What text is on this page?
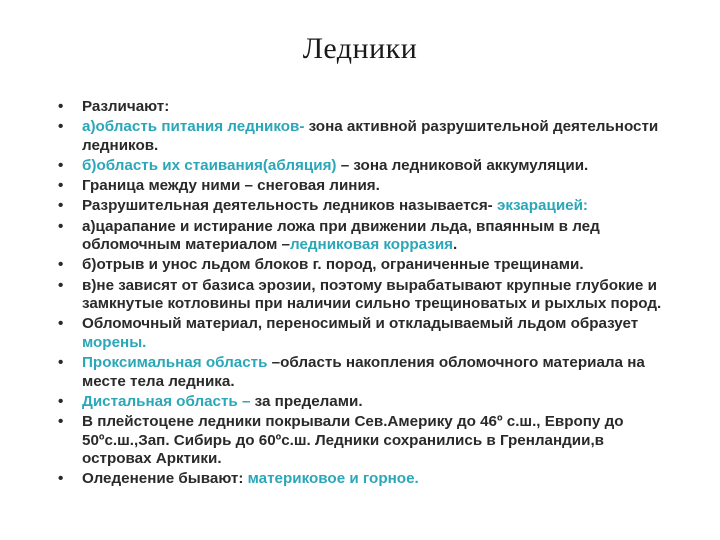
Ледники
•	Различают:
•	а)область питания ледников- зона активной разрушительной деятельности ледников.
•	б)область их стаивания(абляция) – зона ледниковой аккумуляции.
•	Граница между ними – снеговая линия.
•	Разрушительная деятельность ледников называется- экзарацией:
•	а)царапание и истирание ложа при движении льда, впаянным в лед обломочным материалом –ледниковая корразия.
•	б)отрыв и унос льдом блоков г. пород, ограниченные трещинами.
•	в)не зависят от базиса эрозии, поэтому вырабатывают крупные глубокие и замкнутые котловины при наличии сильно трещиноватых и рыхлых пород.
•	Обломочный материал, переносимый и откладываемый льдом образует морены.
•	Проксимальная область –область накопления обломочного материала на месте тела ледника.
•	Дистальная область – за пределами.
•	В плейстоцене ледники покрывали Сев.Америку до 46º с.ш., Европу до 50ºс.ш.,Зап. Сибирь до 60ºс.ш. Ледники сохранились в Гренландии,в островах Арктики.
•	Оледенение бывают: материковое и горное.
